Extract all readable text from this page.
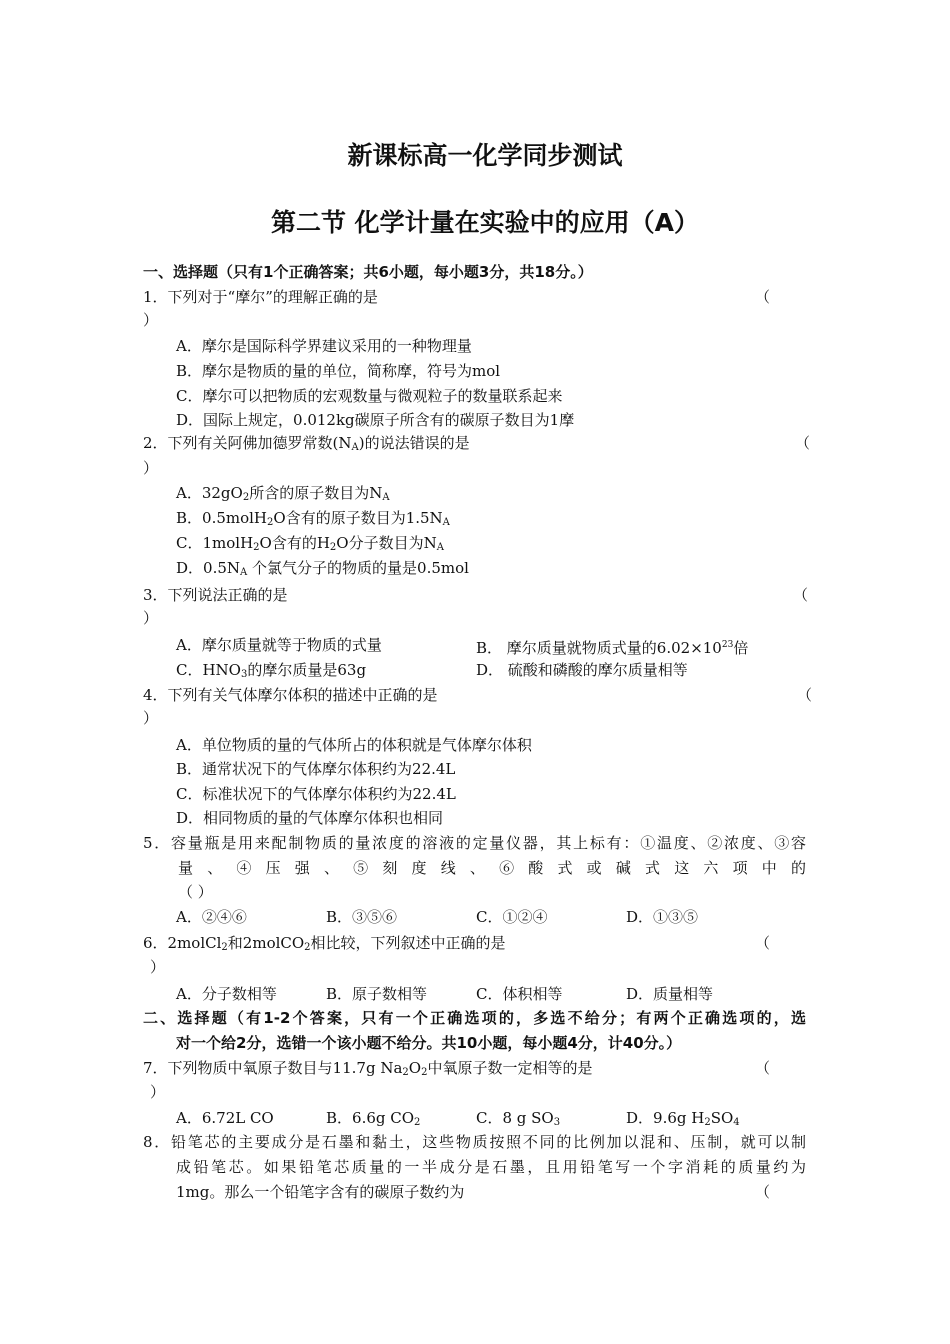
新课标高一化学同步测试
第二节 化学计量在实验中的应用（A）
一、选择题（只有1个正确答案；共6小题，每小题3分，共18分。）
1．下列对于“摩尔”的理解正确的是	（
）
A．摩尔是国际科学界建议采用的一种物理量
B．摩尔是物质的量的单位，简称摩，符号为mol
C．摩尔可以把物质的宏观数量与微观粒子的数量联系起来
D．国际上规定，0.012kg碳原子所含有的碳原子数目为1摩
2．下列有关阿佛加德罗常数$(N_A)$的说法错误的是	（
）
A．$32gO_2$所含的原子数目为$N_A$
B．0.5molH$_2$O含有的原子数目为$1.5N_A$
C．1molH$_2$O含有的$H_2O$分子数目为$N_A$
D．$0.5N_A$ 个氯气分子的物质的量是0.5mol
3．下列说法正确的是	（
）
A．摩尔质量就等于物质的式量	B． 摩尔质量就物质式量的$6.02\times 10^{23}$倍
C．$HNO_3$的摩尔质量是63g	D． 硫酸和磷酸的摩尔质量相等
4．下列有关气体摩尔体积的描述中正确的是	（
）
A．单位物质的量的气体所占的体积就是气体摩尔体积
B．通常状况下的气体摩尔体积约为22.4L
C．标准状况下的气体摩尔体积约为22.4L
D．相同物质的量的气体摩尔体积也相同
5．容量瓶是用来配制物质的量浓度的溶液的定量仪器，其上标有：①温度、②浓度、③容
量 、 ④ 压 强 、 ⑤ 刻 度 线 、 ⑥ 酸 式 或 碱 式 这 六 项 中 的
（ ）
A．②④⑥	B．③⑤⑥	C．①②④	D．①③⑤
6．2molCl$_2$和2molCO$_2$相比较，下列叙述中正确的是	（
）
A．分子数相等	B．原子数相等	C．体积相等	D．质量相等
二、选择题（有1-2个答案，只有一个正确选项的，多选不给分；有两个正确选项的，选
对一个给2分，选错一个该小题不给分。共10小题，每小题4分，计40分。）
7．下列物质中氧原子数目与11.7g $Na_2O_2$中氧原子数一定相等的是	（
）
A．6.72L CO	B．6.6g $CO_2$	C．8 g $SO_3$	D．9.6g $H_2SO_4$
8．铅笔芯的主要成分是石墨和黏土，这些物质按照不同的比例加以混和、压制，就可以制
成铅笔芯。如果铅笔芯质量的一半成分是石墨，且用铅笔写一个字消耗的质量约为
1mg。那么一个铅笔字含有的碳原子数约为	（
